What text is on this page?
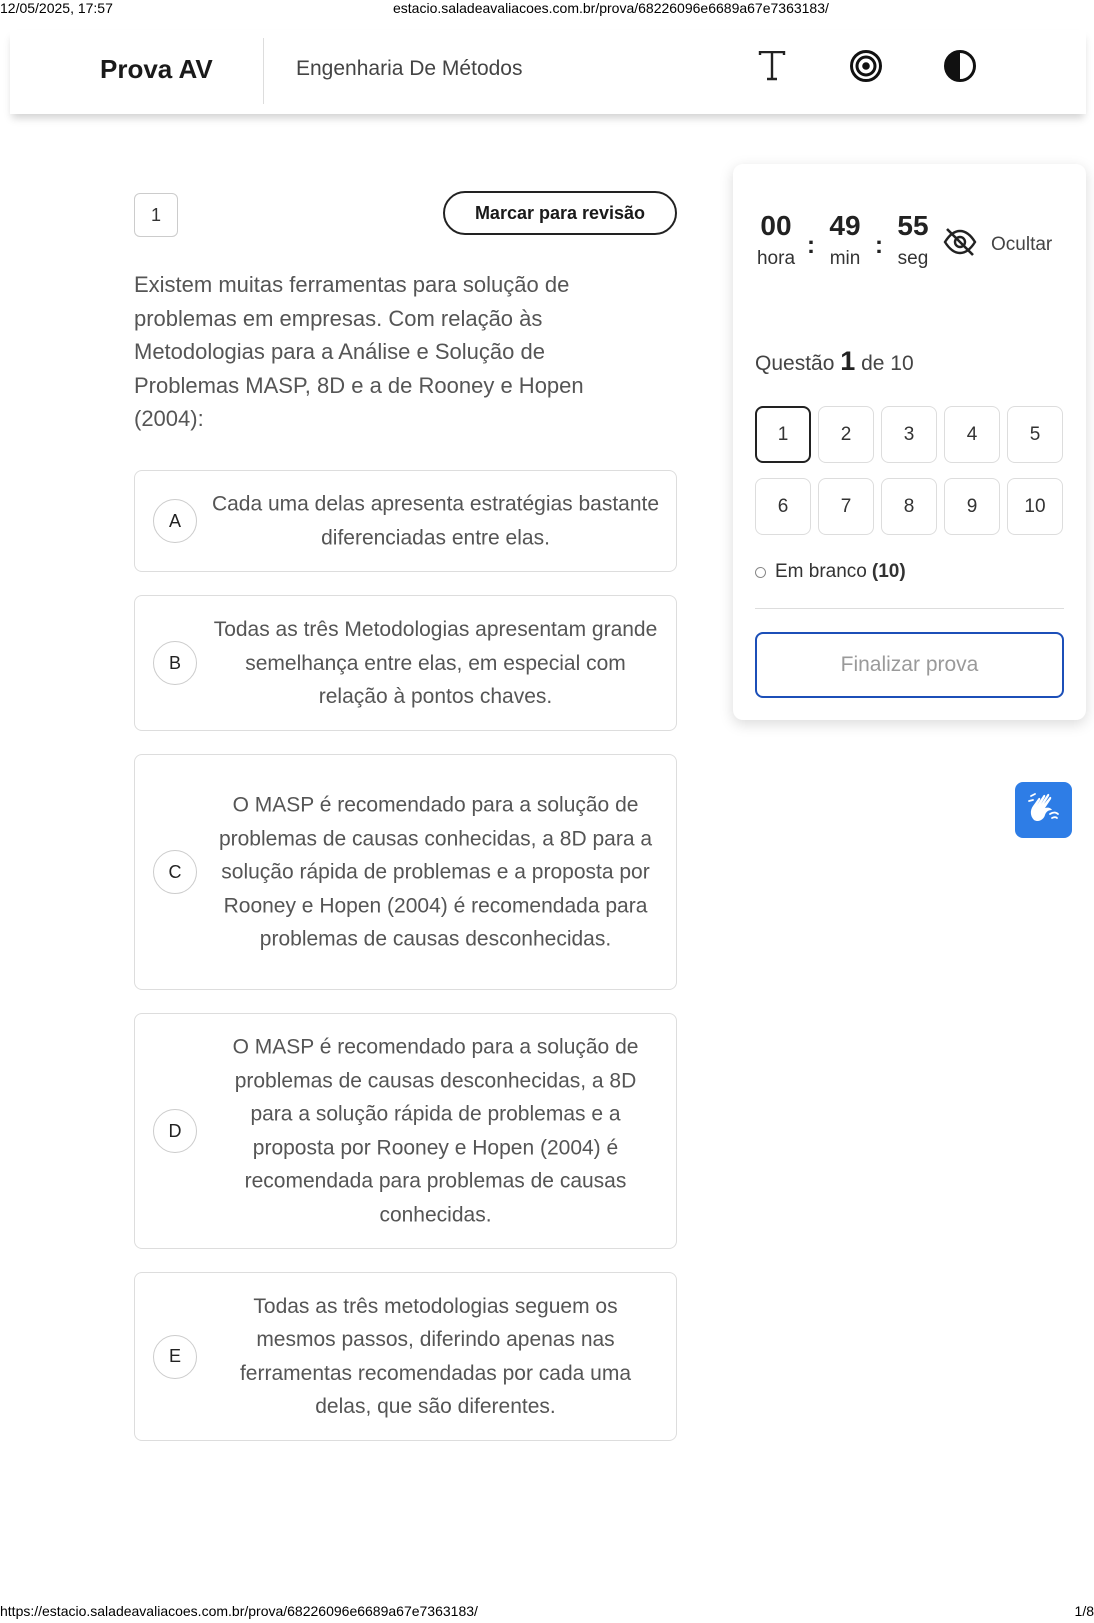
12/05/2025, 17:57	estacio.saladeavaliacoes.com.br/prova/68226096e6689a67e7363183/
Prova AV	Engenharia De Métodos
1	Marcar para revisão
Existem muitas ferramentas para solução de problemas em empresas. Com relação às Metodologias para a Análise e Solução de Problemas MASP, 8D e a de Rooney e Hopen (2004):
A
Cada uma delas apresenta estratégias bastante diferenciadas entre elas.
B
Todas as três Metodologias apresentam grande semelhança entre elas, em especial com relação à pontos chaves.
C
O MASP é recomendado para a solução de problemas de causas conhecidas, a 8D para a solução rápida de problemas e a proposta por Rooney e Hopen (2004) é recomendada para problemas de causas desconhecidas.
D
O MASP é recomendado para a solução de problemas de causas desconhecidas, a 8D para a solução rápida de problemas e a proposta por Rooney e Hopen (2004) é recomendada para problemas de causas conhecidas.
E
Todas as três metodologias seguem os mesmos passos, diferindo apenas nas ferramentas recomendadas por cada uma delas, que são diferentes.
00
hora :
49
min :
55
seg
Ocultar
Questão 1 de 10
1	2	3	4	5
6	7	8	9	10
Em branco (10)
Finalizar prova
https://estacio.saladeavaliacoes.com.br/prova/68226096e6689a67e7363183/	1/8
